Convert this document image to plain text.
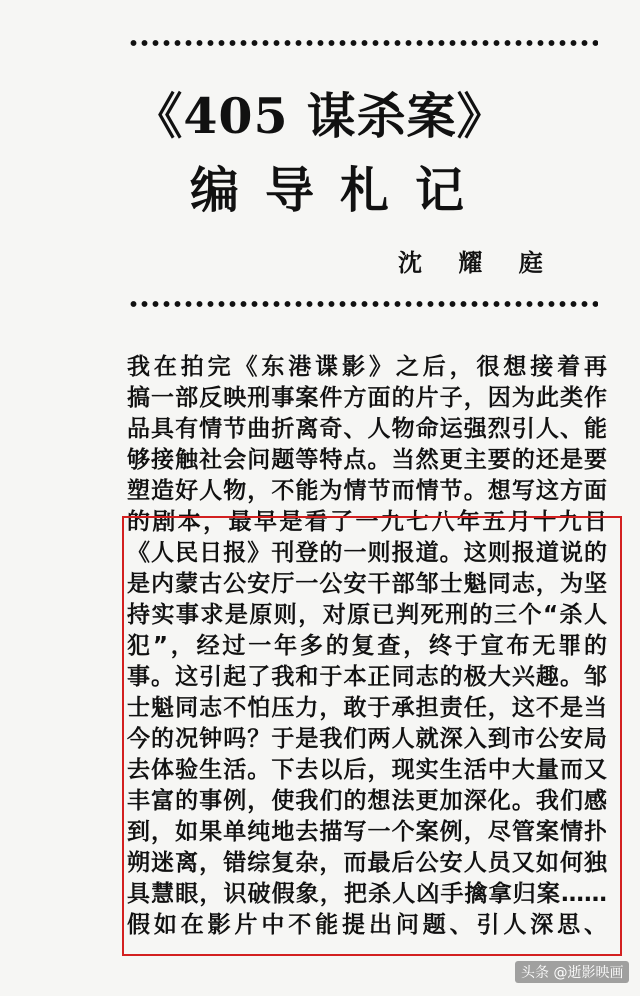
《405 谋杀案》
编导札记
沈 耀 庭
我在拍完《东港谍影》之后，很想接着再
搞一部反映刑事案件方面的片子，因为此类作
品具有情节曲折离奇、人物命运强烈引人、能
够接触社会问题等特点。当然更主要的还是要
塑造好人物，不能为情节而情节。想写这方面
的剧本，最早是看了一九七八年五月十九日
《人民日报》刊登的一则报道。这则报道说的
是内蒙古公安厅一公安干部邹士魁同志，为坚
持实事求是原则，对原已判死刑的三个“杀人
犯”，经过一年多的复查，终于宣布无罪的
事。这引起了我和于本正同志的极大兴趣。邹
士魁同志不怕压力，敢于承担责任，这不是当
今的况钟吗？于是我们两人就深入到市公安局
去体验生活。下去以后，现实生活中大量而又
丰富的事例，使我们的想法更加深化。我们感
到，如果单纯地去描写一个案例，尽管案情扑
朔迷离，错综复杂，而最后公安人员又如何独
具慧眼，识破假象，把杀人凶手擒拿归案……
假如在影片中不能提出问题、引人深思、
头条 @逝影映画
